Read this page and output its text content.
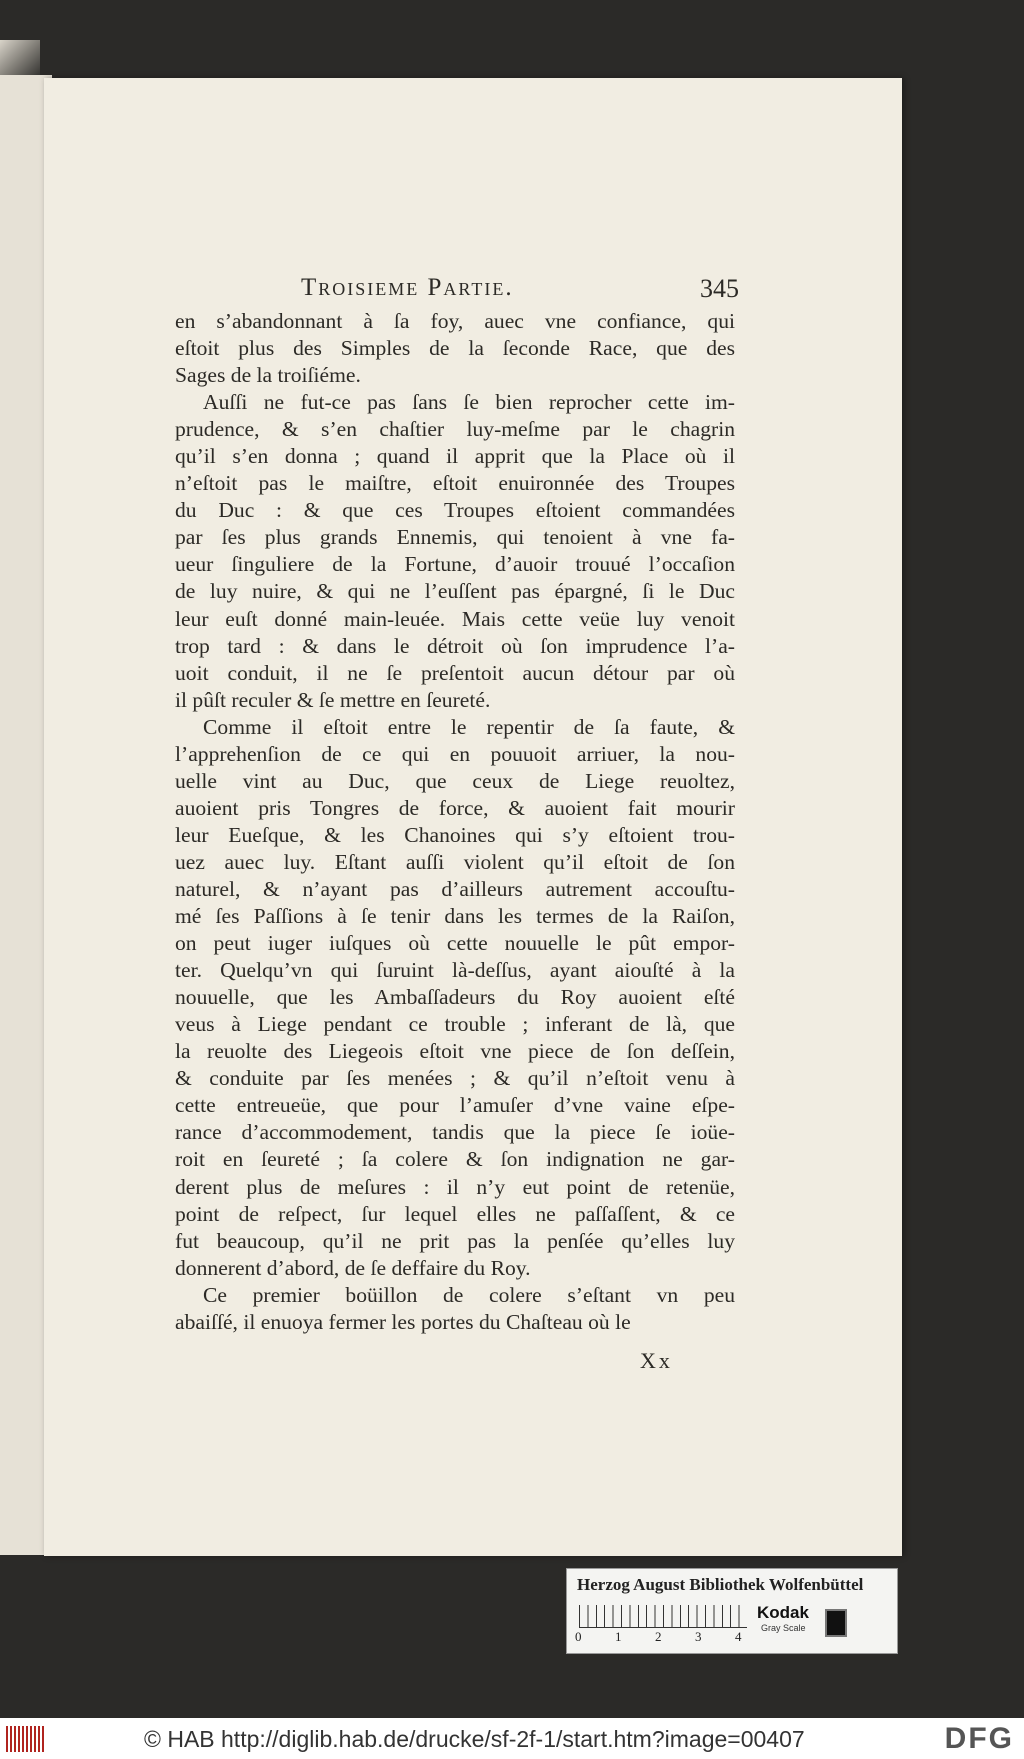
Troisieme Partie.	345
en s’abandonnant à ſa foy, auec vne confiance, qui
eſtoit plus des Simples de la ſeconde Race, que des
Sages de la troiſiéme.
Auſſi ne fut-ce pas ſans ſe bien reprocher cette im-
prudence, & s’en chaſtier luy-meſme par le chagrin
qu’il s’en donna ; quand il apprit que la Place où il
n’eſtoit pas le maiſtre, eſtoit enuironnée des Troupes
du Duc : & que ces Troupes eſtoient commandées
par ſes plus grands Ennemis, qui tenoient à vne fa-
ueur ſinguliere de la Fortune, d’auoir trouué l’occaſion
de luy nuire, & qui ne l’euſſent pas épargné, ſi le Duc
leur euſt donné main-leuée. Mais cette veüe luy venoit
trop tard : & dans le détroit où ſon imprudence l’a-
uoit conduit, il ne ſe preſentoit aucun détour par où
il pûſt reculer & ſe mettre en ſeureté.
Comme il eſtoit entre le repentir de ſa faute, &
l’apprehenſion de ce qui en pouuoit arriuer, la nou-
uelle vint au Duc, que ceux de Liege reuoltez,
auoient pris Tongres de force, & auoient fait mourir
leur Eueſque, & les Chanoines qui s’y eſtoient trou-
uez auec luy. Eſtant auſſi violent qu’il eſtoit de ſon
naturel, & n’ayant pas d’ailleurs autrement accouſtu-
mé ſes Paſſions à ſe tenir dans les termes de la Raiſon,
on peut iuger iuſques où cette nouuelle le pût empor-
ter. Quelqu’vn qui ſuruint là-deſſus, ayant aiouſté à la
nouuelle, que les Ambaſſadeurs du Roy auoient eſté
veus à Liege pendant ce trouble ; inferant de là, que
la reuolte des Liegeois eſtoit vne piece de ſon deſſein,
& conduite par ſes menées ; & qu’il n’eſtoit venu à
cette entreueüe, que pour l’amuſer d’vne vaine eſpe-
rance d’accommodement, tandis que la piece ſe ioüe-
roit en ſeureté ; ſa colere & ſon indignation ne gar-
derent plus de meſures : il n’y eut point de retenüe,
point de reſpect, ſur lequel elles ne paſſaſſent, & ce
fut beaucoup, qu’il ne prit pas la penſée qu’elles luy
donnerent d’abord, de ſe deffaire du Roy.
Ce premier boüillon de colere s’eſtant vn peu
abaiſſé, il enuoya fermer les portes du Chaſteau où le
Xx
Herzog August Bibliothek Wolfenbüttel
0	1	2	3	4
Kodak
Gray Scale
© HAB http://diglib.hab.de/drucke/sf-2f-1/start.htm?image=00407	DFG
